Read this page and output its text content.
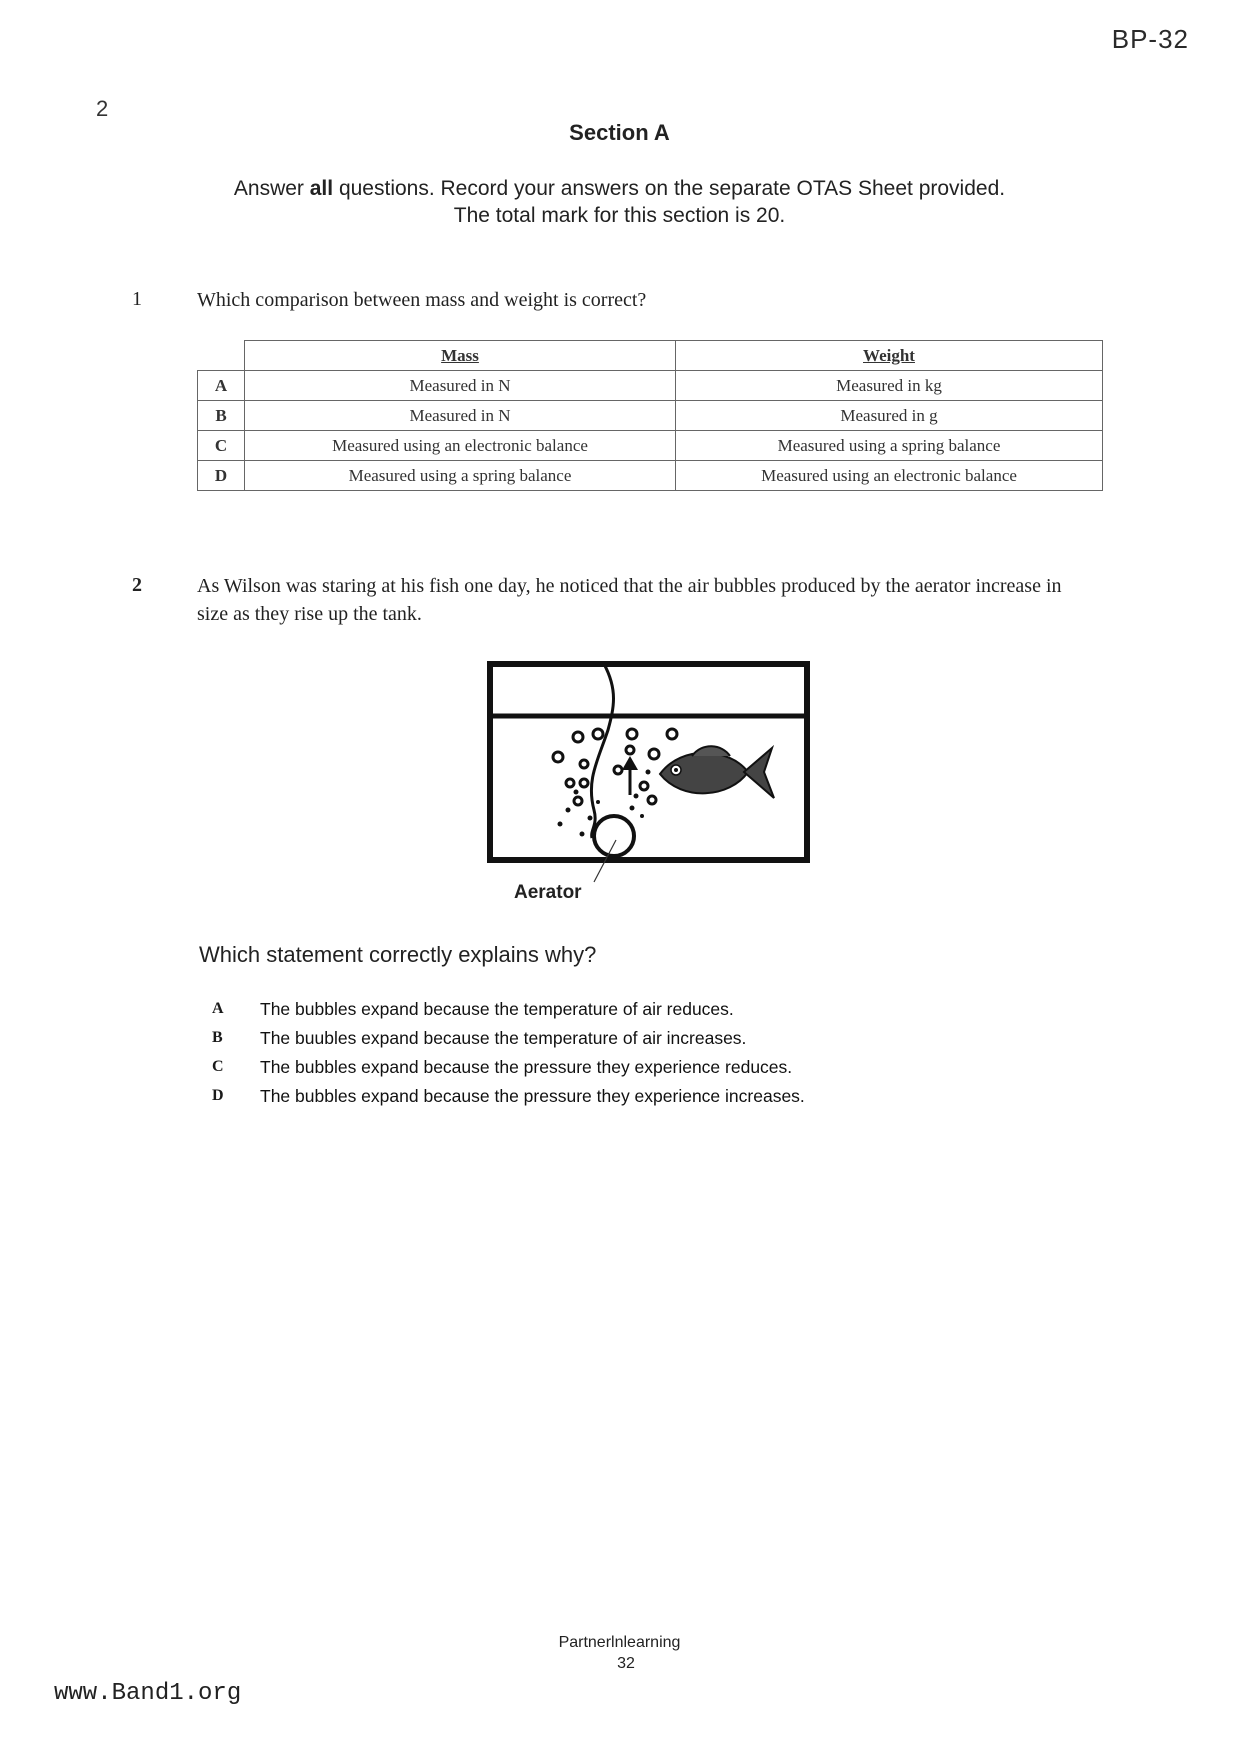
BP-32
2
Section A
Answer all questions. Record your answers on the separate OTAS Sheet provided.
The total mark for this section is 20.
1	Which comparison between mass and weight is correct?
	Mass	Weight
A	Measured in N	Measured in kg
B	Measured in N	Measured in g
C	Measured using an electronic balance	Measured using a spring balance
D	Measured using a spring balance	Measured using an electronic balance
2	As Wilson was staring at his fish one day, he noticed that the air bubbles produced by the aerator increase in size as they rise up the tank.
Aerator
Which statement correctly explains why?
A The bubbles expand because the temperature of air reduces.
B The buubles expand because the temperature of air increases.
C The bubbles expand because the pressure they experience reduces.
D The bubbles expand because the pressure they experience increases.
Partnerlnlearning
32
www.Band1.org
